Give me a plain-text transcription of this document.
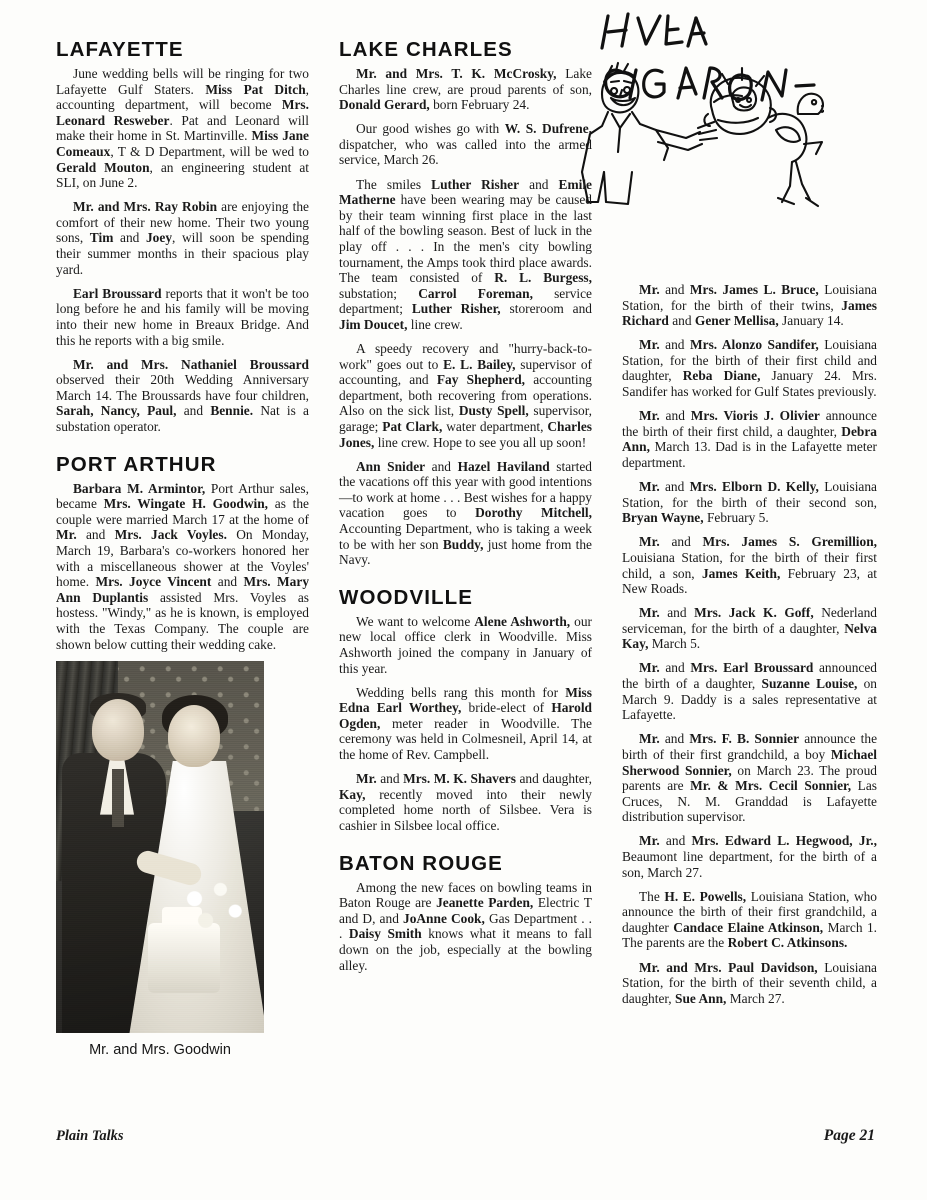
LAFAYETTE

June wedding bells will be ringing for two Lafayette Gulf Staters. Miss Pat Ditch, accounting department, will become Mrs. Leonard Resweber. Pat and Leonard will make their home in St. Martinville. Miss Jane Comeaux, T & D Department, will be wed to Gerald Mouton, an engineering student at SLI, on June 2.

Mr. and Mrs. Ray Robin are enjoying the comfort of their new home. Their two young sons, Tim and Joey, will soon be spending their summer months in their spacious play yard.

Earl Broussard reports that it won't be too long before he and his family will be moving into their new home in Breaux Bridge. And this he reports with a big smile.

Mr. and Mrs. Nathaniel Broussard observed their 20th Wedding Anniversary March 14. The Broussards have four children, Sarah, Nancy, Paul, and Bennie. Nat is a substation operator.

PORT ARTHUR

Barbara M. Armintor, Port Arthur sales, became Mrs. Wingate H. Goodwin, as the couple were married March 17 at the home of Mr. and Mrs. Jack Voyles. On Monday, March 19, Barbara's co-workers honored her with a miscellaneous shower at the Voyles' home. Mrs. Joyce Vincent and Mrs. Mary Ann Duplantis assisted Mrs. Voyles as hostess. "Windy," as he is known, is employed with the Texas Company. The couple are shown below cutting their wedding cake.

Mr. and Mrs. Goodwin
LAKE CHARLES

Mr. and Mrs. T. K. McCrosky, Lake Charles line crew, are proud parents of son, Donald Gerard, born February 24.

Our good wishes go with W. S. Dufrene, dispatcher, who was called into the armed service, March 26.

The smiles Luther Risher and Emile Matherne have been wearing may be caused by their team winning first place in the last half of the bowling season. Best of luck in the play off . . . In the men's city bowling tournament, the Amps took third place awards. The team consisted of R. L. Burgess, substation; Carrol Foreman, service department; Luther Risher, storeroom and Jim Doucet, line crew.

A speedy recovery and "hurry-back-to-work" goes out to E. L. Bailey, supervisor of accounting, and Fay Shepherd, accounting department, both recovering from operations. Also on the sick list, Dusty Spell, supervisor, garage; Pat Clark, water department, Charles Jones, line crew. Hope to see you all up soon!

Ann Snider and Hazel Haviland started the vacations off this year with good intentions—to work at home . . . Best wishes for a happy vacation goes to Dorothy Mitchell, Accounting Department, who is taking a week to be with her son Buddy, just home from the Navy.

WOODVILLE

We want to welcome Alene Ashworth, our new local office clerk in Woodville. Miss Ashworth joined the company in January of this year.

Wedding bells rang this month for Miss Edna Earl Worthey, bride-elect of Harold Ogden, meter reader in Woodville. The ceremony was held in Colmesneil, April 14, at the home of Rev. Campbell.

Mr. and Mrs. M. K. Shavers and daughter, Kay, recently moved into their newly completed home north of Silsbee. Vera is cashier in Silsbee local office.

BATON ROUGE

Among the new faces on bowling teams in Baton Rouge are Jeanette Parden, Electric T and D, and JoAnne Cook, Gas Department . . . Daisy Smith knows what it means to fall down on the job, especially at the bowling alley.

Mr. and Mrs. James L. Bruce, Louisiana Station, for the birth of their twins, James Richard and Gener Mellisa, January 14.

Mr. and Mrs. Alonzo Sandifer, Louisiana Station, for the birth of their first child and daughter, Reba Diane, January 24. Mrs. Sandifer has worked for Gulf States previously.

Mr. and Mrs. Vioris J. Olivier announce the birth of their first child, a daughter, Debra Ann, March 13. Dad is in the Lafayette meter department.

Mr. and Mrs. Elborn D. Kelly, Louisiana Station, for the birth of their second son, Bryan Wayne, February 5.

Mr. and Mrs. James S. Gremillion, Louisiana Station, for the birth of their first child, a son, James Keith, February 23, at New Roads.

Mr. and Mrs. Jack K. Goff, Nederland serviceman, for the birth of a daughter, Nelva Kay, March 5.

Mr. and Mrs. Earl Broussard announced the birth of a daughter, Suzanne Louise, on March 9. Daddy is a sales representative at Lafayette.

Mr. and Mrs. F. B. Sonnier announce the birth of their first grandchild, a boy Michael Sherwood Sonnier, on March 23. The proud parents are Mr. & Mrs. Cecil Sonnier, Las Cruces, N. M. Granddad is Lafayette distribution supervisor.

Mr. and Mrs. Edward L. Hegwood, Jr., Beaumont line department, for the birth of a son, March 27.

The H. E. Powells, Louisiana Station, who announce the birth of their first grandchild, a daughter Candace Elaine Atkinson, March 1. The parents are the Robert C. Atkinsons.

Mr. and Mrs. Paul Davidson, Louisiana Station, for the birth of their seventh child, a daughter, Sue Ann, March 27.

Plain Talks	Page 21
